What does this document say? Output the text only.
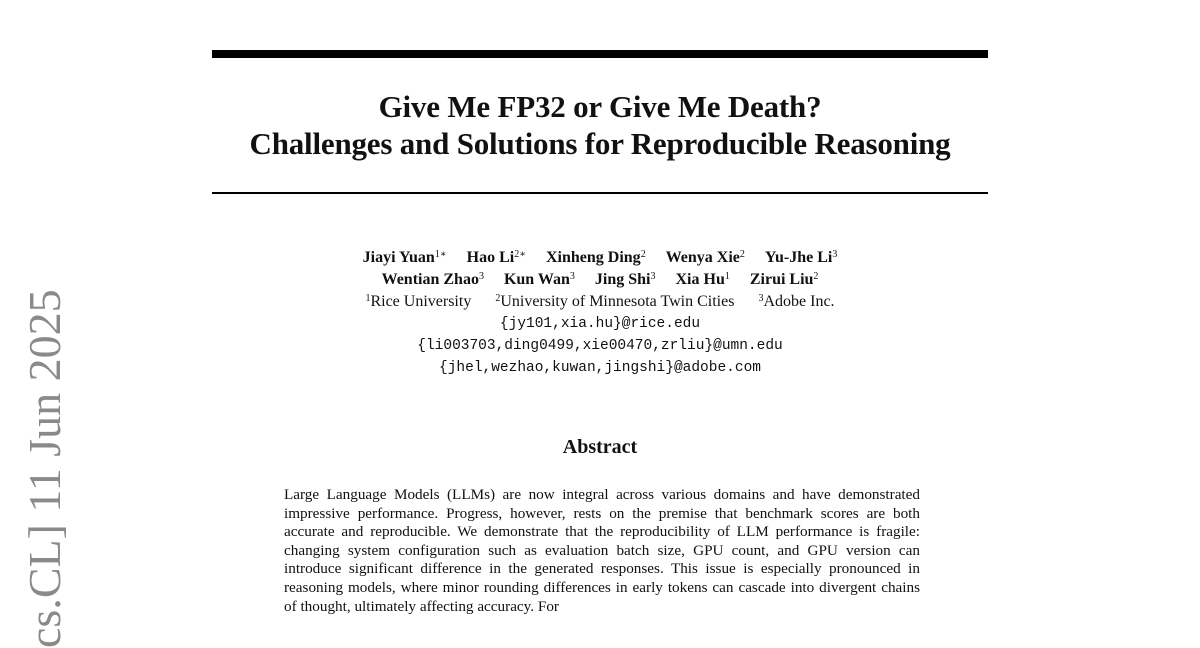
cs.CL] 11 Jun 2025
Give Me FP32 or Give Me Death?
Challenges and Solutions for Reproducible Reasoning
Jiayi Yuan$^{1∗}$ Hao $Li^{2∗}$ Xinheng Ding$^2$ Wenya Xie$^2$ Yu-Jhe Li$^3$
Wentian Zhao$^3$ Kun Wan$^3$ Jing Shi$^3$ Xia Hu$^1$ Zirui Liu$^2$
$^1$Rice University $^2$University of Minnesota Twin Cities $^3$Adobe Inc.
{jy101,xia.hu}@rice.edu
{li003703,ding0499,xie00470,zrliu}@umn.edu
{jhel,wezhao,kuwan,jingshi}@adobe.com
Abstract

Large Language Models (LLMs) are now integral across various domains and have demonstrated impressive performance. Progress, however, rests on the premise that benchmark scores are both accurate and reproducible. We demonstrate that the reproducibility of LLM performance is fragile: changing system configuration such as evaluation batch size, GPU count, and GPU version can introduce significant difference in the generated responses. This issue is especially pronounced in reasoning models, where minor rounding differences in early tokens can cascade into divergent chains of thought, ultimately affecting accuracy. For
